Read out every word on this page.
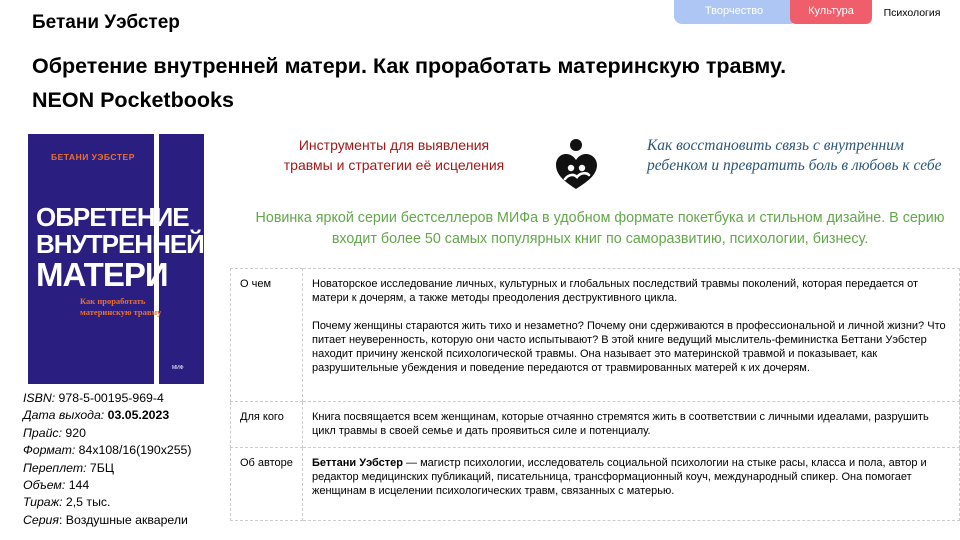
Творчество	Культура	Психология
Бетани Уэбстер
Обретение внутренней матери. Как проработать материнскую травму.
NEON Pocketbooks
БЕТАНИ УЭБСТЕР
ОБРЕТЕНИЕ
ВНУТРЕННЕЙ
МАТЕРИ
Как проработать материнскую травму
МИФ
ISBN: 978-5-00195-969-4
Дата выхода: 03.05.2023
Прайс: 920
Формат: 84x108/16(190x255)
Переплет: 7БЦ
Объем: 144
Тираж: 2,5 тыс.
Серия: Воздушные акварели
Инструменты для выявления травмы и стратегии её исцеления
Как восстановить связь с внутренним ребенком и превратить боль в любовь к себе
Новинка яркой серии бестселлеров МИФа в удобном формате покетбука и стильном дизайне. В серию входит более 50 самых популярных книг по саморазвитию, психологии, бизнесу.
О чем	Новаторское исследование личных, культурных и глобальных последствий травмы поколений, которая передается от матери к дочерям, а также методы преодоления деструктивного цикла.

Почему женщины стараются жить тихо и незаметно? Почему они сдерживаются в профессиональной и личной жизни? Что питает неуверенность, которую они часто испытывают? В этой книге ведущий мыслитель-феминистка Беттани Уэбстер находит причину женской психологической травмы. Она называет это материнской травмой и показывает, как разрушительные убеждения и поведение передаются от травмированных матерей к их дочерям.

Для кого	Книга посвящается всем женщинам, которые отчаянно стремятся жить в соответствии с личными идеалами, разрушить цикл травмы в своей семье и дать проявиться силе и потенциалу.
Об автоpе	Беттани Уэбстер — магистр психологии, исследователь социальной психологии на стыке расы, класса и пола, автор и редактор медицинских публикаций, писательница, трансформационный коуч, международный спикер. Она помогает женщинам в исцелении психологических травм, связанных с матерью.
